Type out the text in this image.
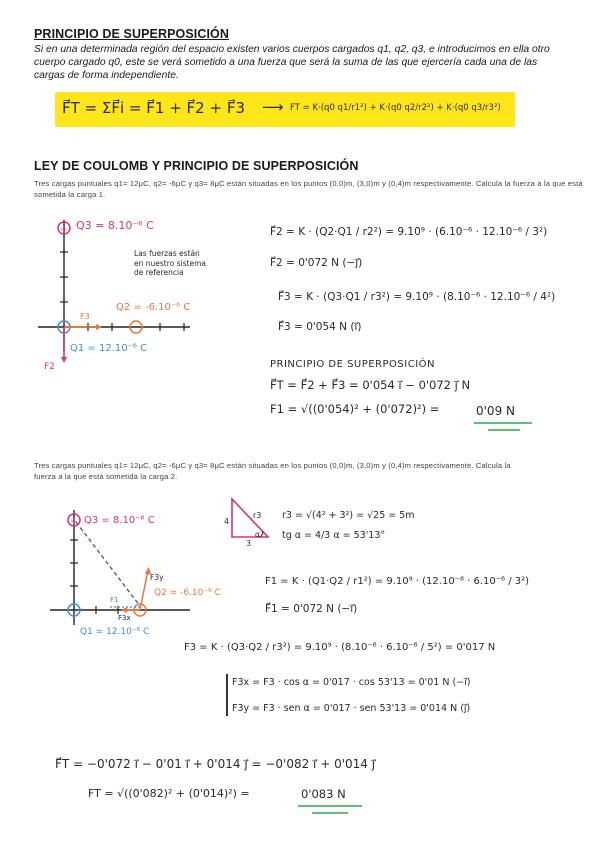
PRINCIPIO DE SUPERPOSICIÓN
Si en una determinada región del espacio existen varios cuerpos cargados q1, q2, q3, e introducimos en ella otro cuerpo cargado q0, este se verá sometido a una fuerza que será la suma de las que ejercería cada una de las cargas de forma independiente.
F⃗T = ΣF⃗i = F⃗1 + F⃗2 + F⃗3 ⟶ FT = K·(q0 q1/r1²) + K·(q0 q2/r2²) + K·(q0 q3/r3²)
LEY DE COULOMB Y PRINCIPIO DE SUPERPOSICIÓN
Tres cargas puntuales q1= 12μC, q2= -6μC y q3= 8μC están situadas en los puntos (0,0)m, (3,0)m y (0,4)m respectivamente. Calcula la fuerza a la que está sometida la carga 1.
+ Q3 = 8.10⁻⁶ C
Q2 = -6.10⁻⁶ C
Q1 = 12.10⁻⁶ C
F3
F2
Las fuerzas están
en nuestro sistema
de referencia
F⃗2 = K · (Q2·Q1 / r2²) = 9.10⁹ · (6.10⁻⁶ · 12.10⁻⁶ / 3²)
F⃗2 = 0'072 N (−j⃗)
F⃗3 = K · (Q3·Q1 / r3²) = 9.10⁹ · (8.10⁻⁶ · 12.10⁻⁶ / 4²)
F⃗3 = 0'054 N (i⃗)
PRINCIPIO DE SUPERPOSICIÓN
F⃗T = F⃗2 + F⃗3 = 0'054 i⃗ − 0'072 j⃗ N
F1 = √((0'054)² + (0'072)²) =	0'09 N
Tres cargas puntuales q1= 12μC, q2= -6μC y q3= 8μC están situadas en los puntos (0,0)m, (3,0)m y (0,4)m respectivamente. Calcula la fuerza a la que está sometida la carga 2.
+ Q3 = 8.10⁻⁶ C
Q2 = -6.10⁻⁶ C
Q1 = 12.10⁻⁶ C
F3y
F3x
F1
4
3
r3
α
r3 = √(4² + 3²) = √25 = 5m
tg α = 4/3 α = 53'13°
F1 = K · (Q1·Q2 / r1²) = 9.10⁹ · (12.10⁻⁶ · 6.10⁻⁶ / 3²)
F⃗1 = 0'072 N (−i⃗)
F3 = K · (Q3·Q2 / r3²) = 9.10⁹ · (8.10⁻⁶ · 6.10⁻⁶ / 5²) = 0'017 N
F3x = F3 · cos α = 0'017 · cos 53'13 = 0'01 N (−i⃗)
F3y = F3 · sen α = 0'017 · sen 53'13 = 0'014 N (j⃗)
F⃗T = −0'072 i⃗ − 0'01 i⃗ + 0'014 j⃗ = −0'082 i⃗ + 0'014 j⃗
FT = √((0'082)² + (0'014)²) =	0'083 N
